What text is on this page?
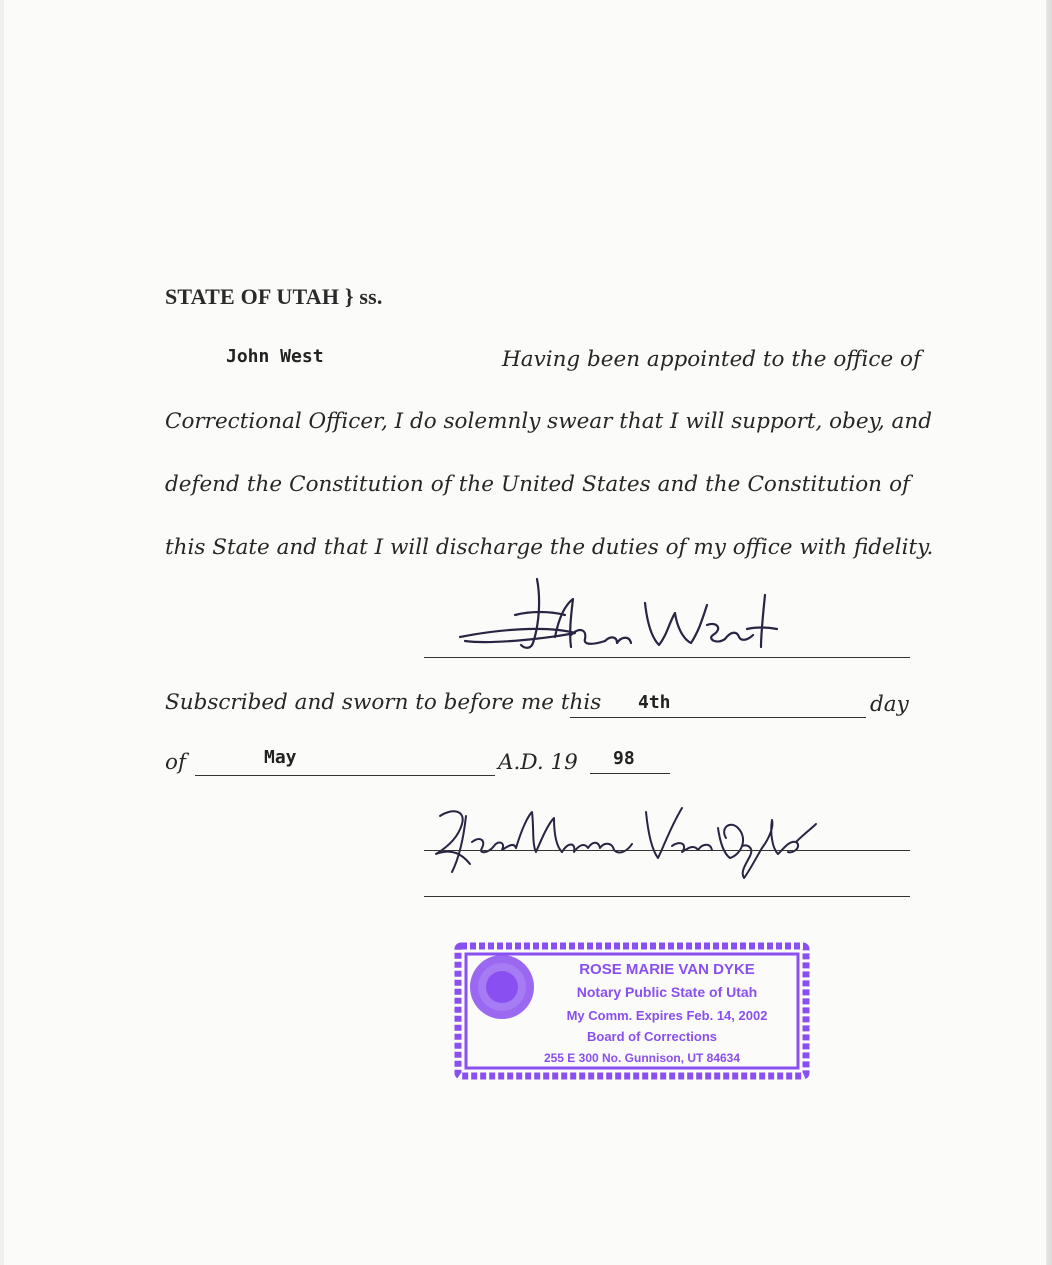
STATE OF UTAH } ss.
John West	Having been appointed to the office of
Correctional Officer, I do solemnly swear that I will support, obey, and
defend the Constitution of the United States and the Constitution of
this State and that I will discharge the duties of my office with fidelity.
Subscribed and sworn to before me this 4th	day
of	May	A.D. 19 98
ROSE MARIE VAN DYKE
Notary Public State of Utah
My Comm. Expires Feb. 14, 2002
Board of Corrections
255 E 300 No. Gunnison, UT 84634
